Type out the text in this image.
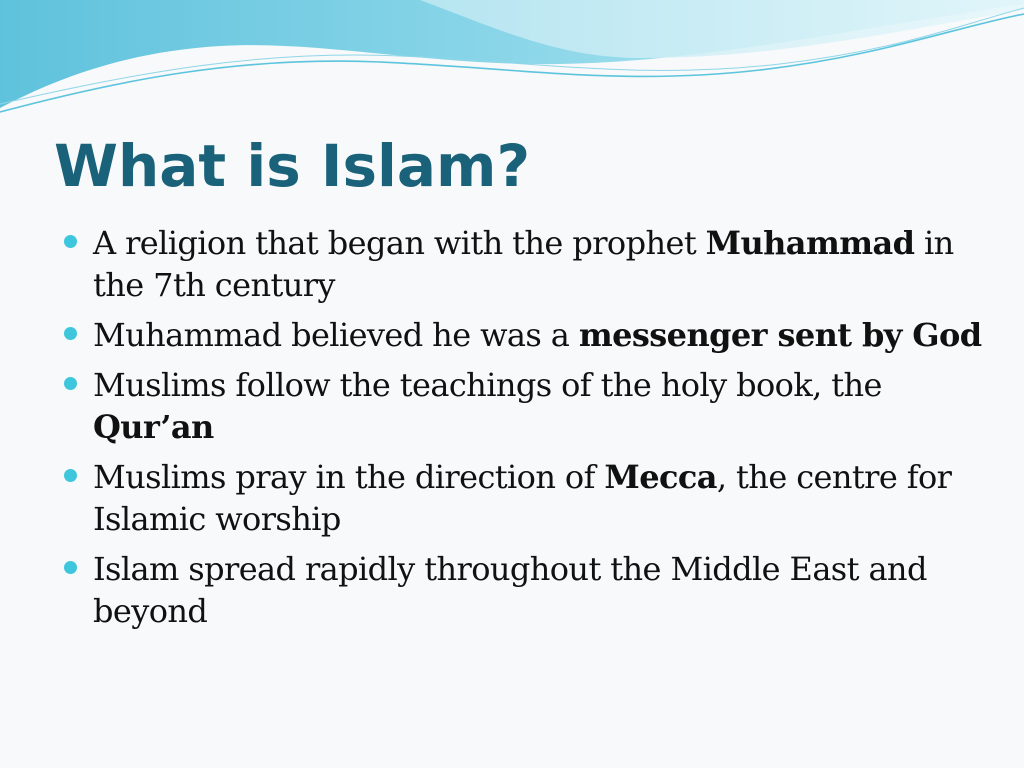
What is Islam?
A religion that began with the prophet Muhammad in the 7th century
Muhammad believed he was a messenger sent by God
Muslims follow the teachings of the holy book, the Qur’an
Muslims pray in the direction of Mecca, the centre for Islamic worship
Islam spread rapidly throughout the Middle East and beyond
